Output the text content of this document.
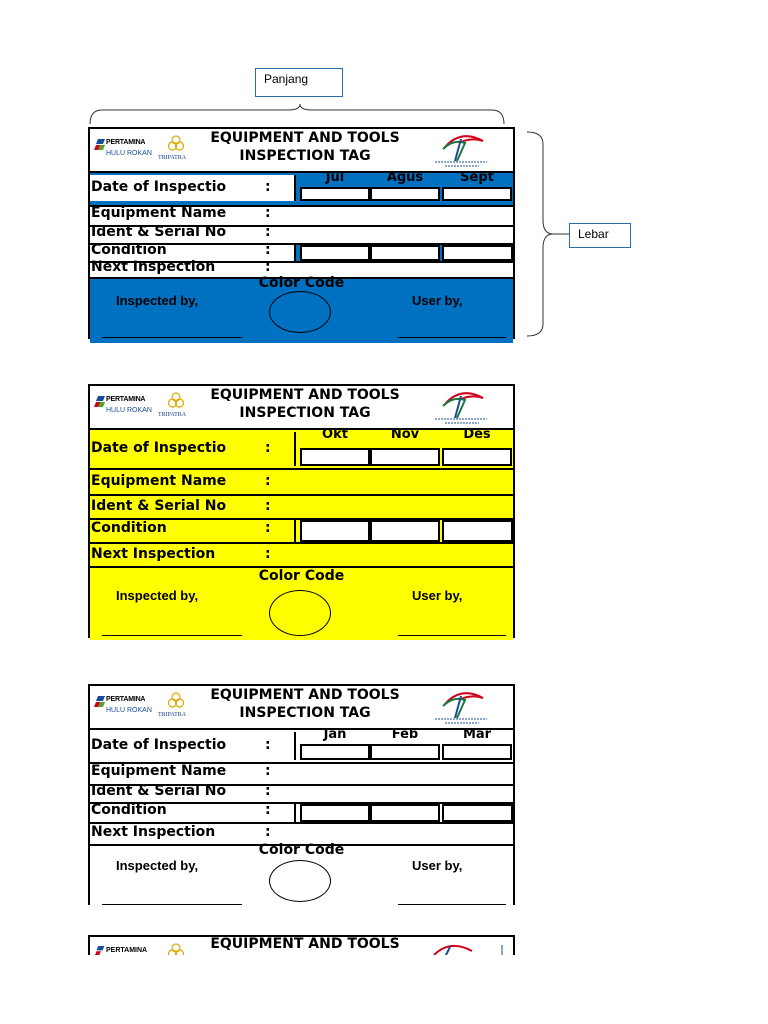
Panjang
Lebar
PERTAMINA
HULU ROKAN
TRIPATRA
EQUIPMENT AND TOOLS
INSPECTION TAG
Date of Inspectio	:
Jul	Agus	Sept
Equipment Name	:
Ident & Serial No	:
Condition	:
Next Inspection	:
Color Code
Inspected by,	User by,
PERTAMINA
HULU ROKAN
TRIPATRA
EQUIPMENT AND TOOLS
INSPECTION TAG
Date of Inspectio	:
Okt	Nov	Des
Equipment Name	:
Ident & Serial No	:
Condition	:
Next Inspection	:
Color Code
Inspected by,	User by,
PERTAMINA
HULU ROKAN
TRIPATRA
EQUIPMENT AND TOOLS
INSPECTION TAG
Date of Inspectio	:
Jan	Feb	Mar
Equipment Name	:
Ident & Serial No	:
Condition	:
Next Inspection	:
Color Code
Inspected by,	User by,
PERTAMINA	EQUIPMENT AND TOOLS
